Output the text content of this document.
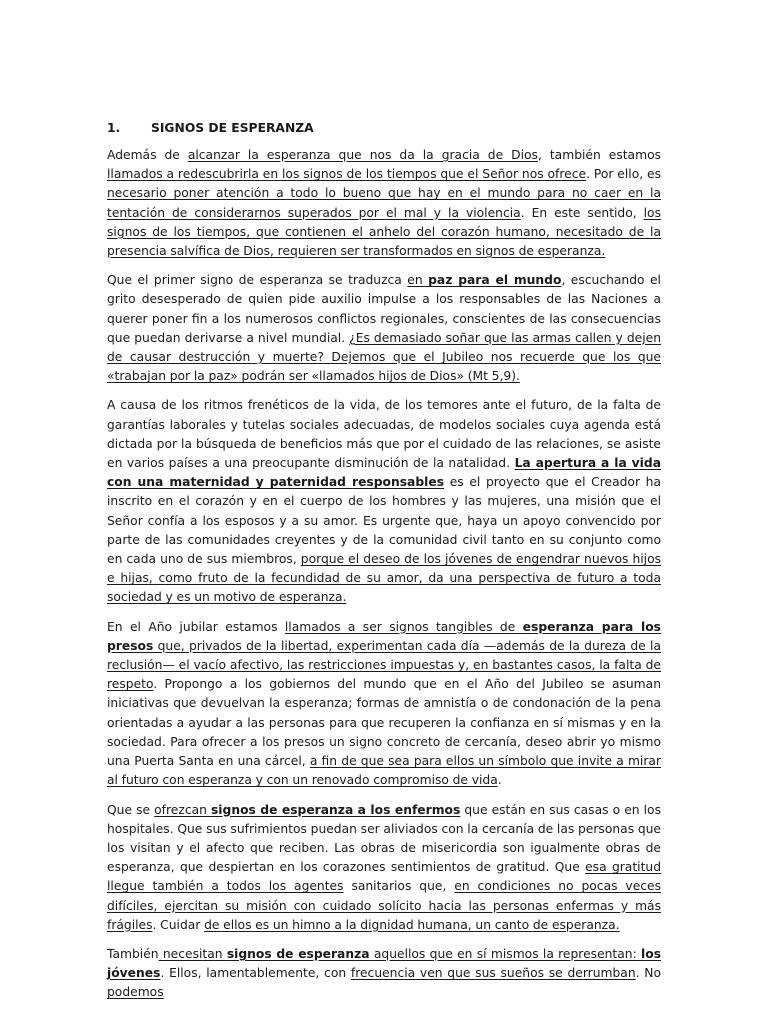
1.	SIGNOS DE ESPERANZA

Además de alcanzar la esperanza que nos da la gracia de Dios, también estamos llamados a redescubrirla en los signos de los tiempos que el Señor nos ofrece. Por ello, es necesario poner atención a todo lo bueno que hay en el mundo para no caer en la tentación de considerarnos superados por el mal y la violencia. En este sentido, los signos de los tiempos, que contienen el anhelo del corazón humano, necesitado de la presencia salvífica de Dios, requieren ser transformados en signos de esperanza.

Que el primer signo de esperanza se traduzca en paz para el mundo, escuchando el grito desesperado de quien pide auxilio impulse a los responsables de las Naciones a querer poner fin a los numerosos conflictos regionales, conscientes de las consecuencias que puedan derivarse a nivel mundial. ¿Es demasiado soñar que las armas callen y dejen de causar destrucción y muerte? Dejemos que el Jubileo nos recuerde que los que «trabajan por la paz» podrán ser «llamados hijos de Dios» (Mt 5,9).

A causa de los ritmos frenéticos de la vida, de los temores ante el futuro, de la falta de garantías laborales y tutelas sociales adecuadas, de modelos sociales cuya agenda está dictada por la búsqueda de beneficios más que por el cuidado de las relaciones, se asiste en varios países a una preocupante disminución de la natalidad. La apertura a la vida con una maternidad y paternidad responsables es el proyecto que el Creador ha inscrito en el corazón y en el cuerpo de los hombres y las mujeres, una misión que el Señor confía a los esposos y a su amor. Es urgente que, haya un apoyo convencido por parte de las comunidades creyentes y de la comunidad civil tanto en su conjunto como en cada uno de sus miembros, porque el deseo de los jóvenes de engendrar nuevos hijos e hijas, como fruto de la fecundidad de su amor, da una perspectiva de futuro a toda sociedad y es un motivo de esperanza.

En el Año jubilar estamos llamados a ser signos tangibles de esperanza para los presos que, privados de la libertad, experimentan cada día —además de la dureza de la reclusión— el vacío afectivo, las restricciones impuestas y, en bastantes casos, la falta de respeto. Propongo a los gobiernos del mundo que en el Año del Jubileo se asuman iniciativas que devuelvan la esperanza; formas de amnistía o de condonación de la pena orientadas a ayudar a las personas para que recuperen la confianza en sí mismas y en la sociedad. Para ofrecer a los presos un signo concreto de cercanía, deseo abrir yo mismo una Puerta Santa en una cárcel, a fin de que sea para ellos un símbolo que invite a mirar al futuro con esperanza y con un renovado compromiso de vida.

Que se ofrezcan signos de esperanza a los enfermos que están en sus casas o en los hospitales. Que sus sufrimientos puedan ser aliviados con la cercanía de las personas que los visitan y el afecto que reciben. Las obras de misericordia son igualmente obras de esperanza, que despiertan en los corazones sentimientos de gratitud. Que esa gratitud llegue también a todos los agentes sanitarios que, en condiciones no pocas veces difíciles, ejercitan su misión con cuidado solícito hacia las personas enfermas y más frágiles. Cuidar de ellos es un himno a la dignidad humana, un canto de esperanza.

También necesitan signos de esperanza aquellos que en sí mismos la representan: los jóvenes. Ellos, lamentablemente, con frecuencia ven que sus sueños se derrumban. No podemos
